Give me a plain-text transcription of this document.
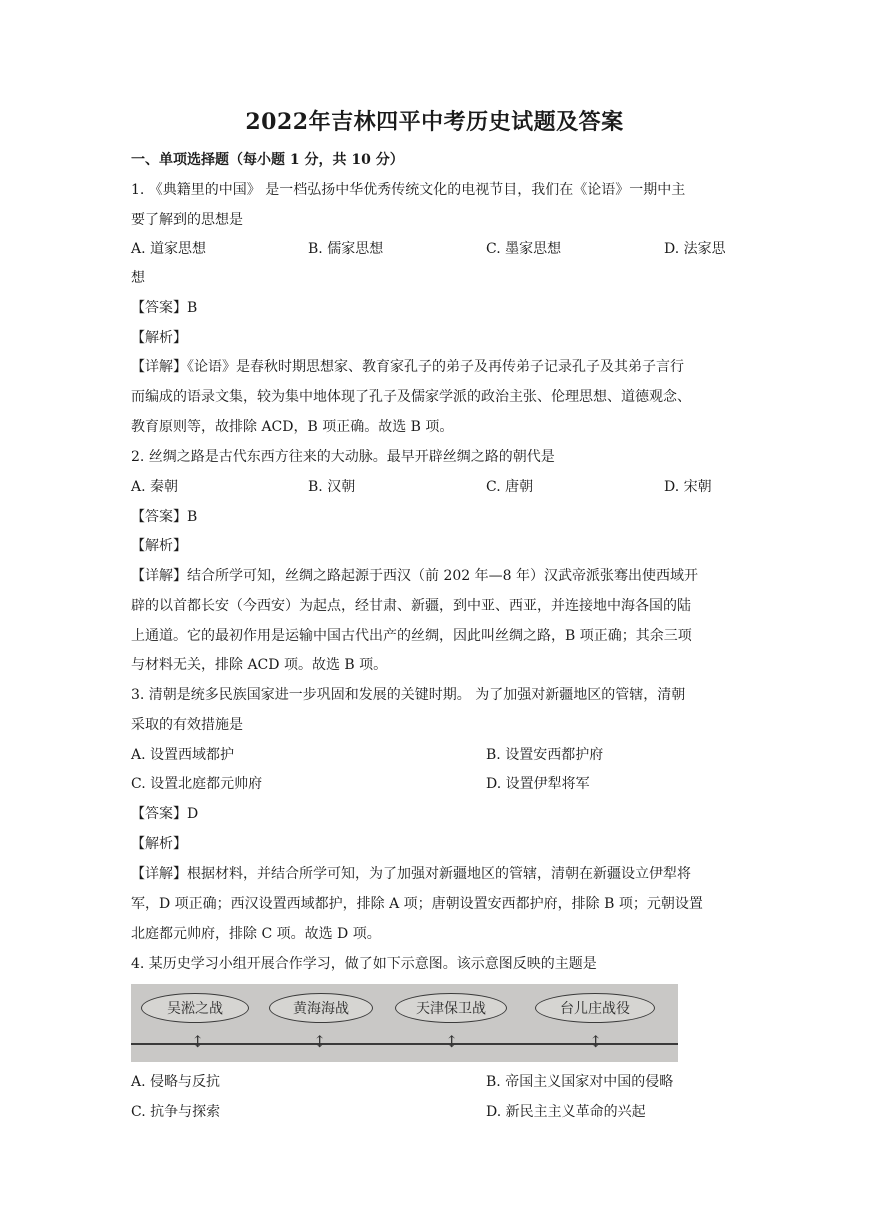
2022年吉林四平中考历史试题及答案
一、单项选择题（每小题 1 分，共 10 分）
1. 《典籍里的中国》 是一档弘扬中华优秀传统文化的电视节目，我们在《论语》一期中主
要了解到的思想是
A. 道家思想	B. 儒家思想	C. 墨家思想	D. 法家思
想
【答案】B
【解析】
【详解】《论语》是春秋时期思想家、教育家孔子的弟子及再传弟子记录孔子及其弟子言行
而编成的语录文集，较为集中地体现了孔子及儒家学派的政治主张、伦理思想、道德观念、
教育原则等，故排除 ACD，B 项正确。故选 B 项。
2. 丝绸之路是古代东西方往来的大动脉。最早开辟丝绸之路的朝代是
A. 秦朝	B. 汉朝	C. 唐朝	D. 宋朝
【答案】B
【解析】
【详解】结合所学可知，丝绸之路起源于西汉（前 202 年—8 年）汉武帝派张骞出使西域开
辟的以首都长安（今西安）为起点，经甘肃、新疆，到中亚、西亚，并连接地中海各国的陆
上通道。它的最初作用是运输中国古代出产的丝绸，因此叫丝绸之路，B 项正确；其余三项
与材料无关，排除 ACD 项。故选 B 项。
3. 清朝是统多民族国家进一步巩固和发展的关键时期。 为了加强对新疆地区的管辖，清朝
采取的有效措施是
A. 设置西域都护	B. 设置安西都护府
C. 设置北庭都元帅府	D. 设置伊犁将军
【答案】D
【解析】
【详解】根据材料，并结合所学可知，为了加强对新疆地区的管辖，清朝在新疆设立伊犁将
军，D 项正确；西汉设置西域都护，排除 A 项；唐朝设置安西都护府，排除 B 项；元朝设置
北庭都元帅府，排除 C 项。故选 D 项。
4. 某历史学习小组开展合作学习，做了如下示意图。该示意图反映的主题是
吴淞之战	黄海海战	天津保卫战	台儿庄战役
↕	↕	↕	↕
A. 侵略与反抗	B. 帝国主义国家对中国的侵略
C. 抗争与探索	D. 新民主主义革命的兴起
